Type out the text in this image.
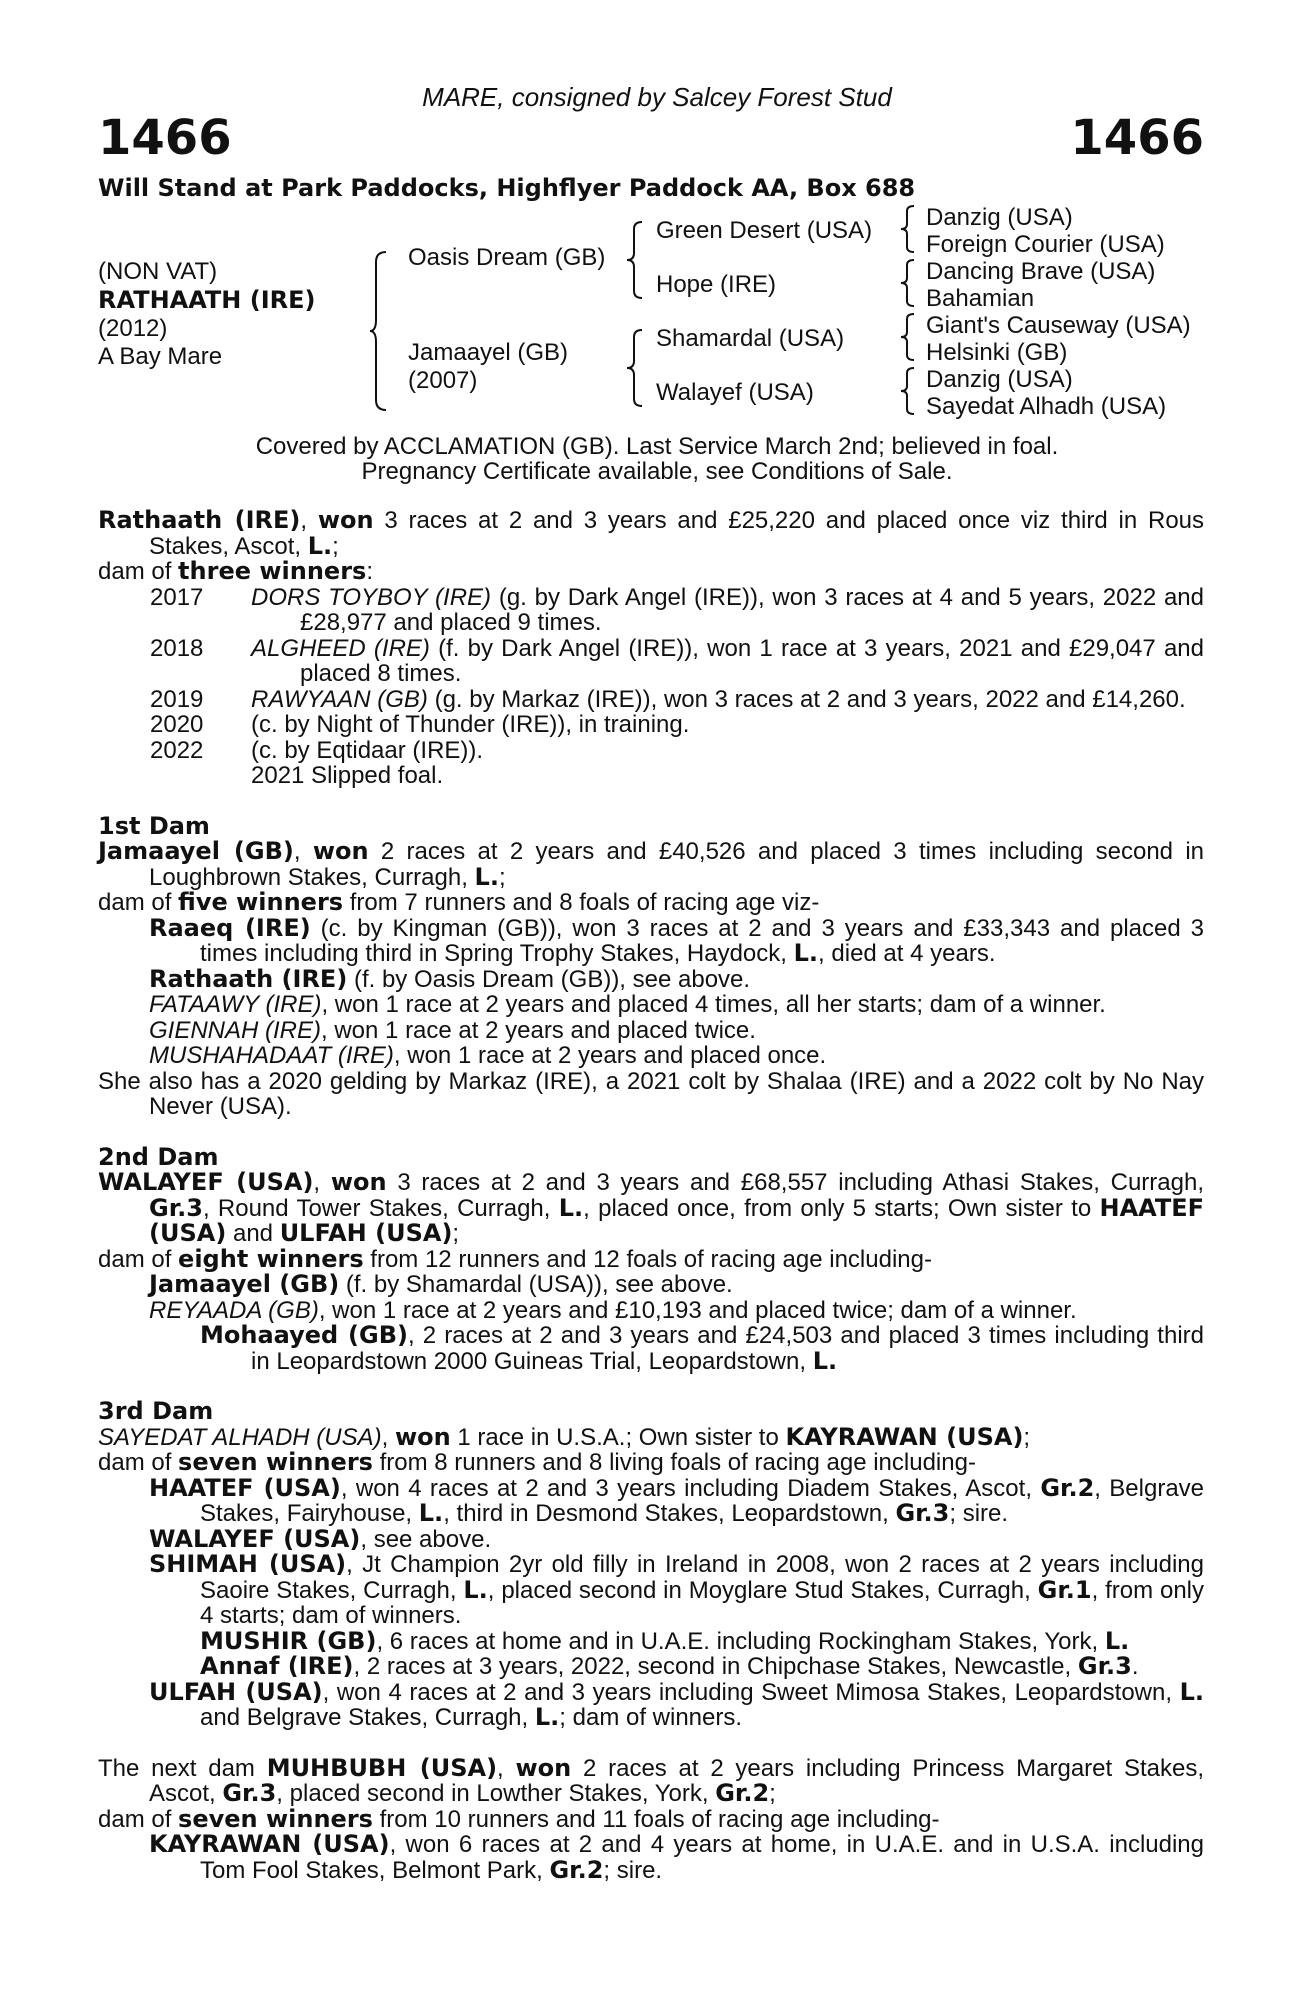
MARE, consigned by Salcey Forest Stud
1466	1466
Will Stand at Park Paddocks, Highflyer Paddock AA, Box 688
(NON VAT)
RATHAATH (IRE)
(2012)
A Bay Mare
Oasis Dream (GB)
Jamaayel (GB)
(2007)
Green Desert (USA)
Hope (IRE)
Shamardal (USA)
Walayef (USA)
Danzig (USA)
Foreign Courier (USA)
Dancing Brave (USA)
Bahamian
Giant's Causeway (USA)
Helsinki (GB)
Danzig (USA)
Sayedat Alhadh (USA)
Covered by ACCLAMATION (GB). Last Service March 2nd; believed in foal.
Pregnancy Certificate available, see Conditions of Sale.

Rathaath (IRE), won 3 races at 2 and 3 years and £25,220 and placed once viz third in Rous Stakes, Ascot, L.;

dam of three winners:

2017	DORS TOYBOY (IRE) (g. by Dark Angel (IRE)), won 3 races at 4 and 5 years, 2022 and £28,977 and placed 9 times.
2018	ALGHEED (IRE) (f. by Dark Angel (IRE)), won 1 race at 3 years, 2021 and £29,047 and placed 8 times.
2019	RAWYAAN (GB) (g. by Markaz (IRE)), won 3 races at 2 and 3 years, 2022 and £14,260.
2020	(c. by Night of Thunder (IRE)), in training.
2022	(c. by Eqtidaar (IRE)).
2021 Slipped foal.

1st Dam

Jamaayel (GB), won 2 races at 2 years and £40,526 and placed 3 times including second in Loughbrown Stakes, Curragh, L.;

dam of five winners from 7 runners and 8 foals of racing age viz-

Raaeq (IRE) (c. by Kingman (GB)), won 3 races at 2 and 3 years and £33,343 and placed 3 times including third in Spring Trophy Stakes, Haydock, L., died at 4 years.

Rathaath (IRE) (f. by Oasis Dream (GB)), see above.

FATAAWY (IRE), won 1 race at 2 years and placed 4 times, all her starts; dam of a winner.

GIENNAH (IRE), won 1 race at 2 years and placed twice.

MUSHAHADAAT (IRE), won 1 race at 2 years and placed once.

She also has a 2020 gelding by Markaz (IRE), a 2021 colt by Shalaa (IRE) and a 2022 colt by No Nay Never (USA).

2nd Dam

WALAYEF (USA), won 3 races at 2 and 3 years and £68,557 including Athasi Stakes, Curragh, Gr.3, Round Tower Stakes, Curragh, L., placed once, from only 5 starts; Own sister to HAATEF (USA) and ULFAH (USA);

dam of eight winners from 12 runners and 12 foals of racing age including-

Jamaayel (GB) (f. by Shamardal (USA)), see above.

REYAADA (GB), won 1 race at 2 years and £10,193 and placed twice; dam of a winner.

Mohaayed (GB), 2 races at 2 and 3 years and £24,503 and placed 3 times including third in Leopardstown 2000 Guineas Trial, Leopardstown, L.

3rd Dam

SAYEDAT ALHADH (USA), won 1 race in U.S.A.; Own sister to KAYRAWAN (USA);

dam of seven winners from 8 runners and 8 living foals of racing age including-

HAATEF (USA), won 4 races at 2 and 3 years including Diadem Stakes, Ascot, Gr.2, Belgrave Stakes, Fairyhouse, L., third in Desmond Stakes, Leopardstown, Gr.3; sire.

WALAYEF (USA), see above.

SHIMAH (USA), Jt Champion 2yr old filly in Ireland in 2008, won 2 races at 2 years including Saoire Stakes, Curragh, L., placed second in Moyglare Stud Stakes, Curragh, Gr.1, from only 4 starts; dam of winners.

MUSHIR (GB), 6 races at home and in U.A.E. including Rockingham Stakes, York, L.

Annaf (IRE), 2 races at 3 years, 2022, second in Chipchase Stakes, Newcastle, Gr.3.

ULFAH (USA), won 4 races at 2 and 3 years including Sweet Mimosa Stakes, Leopardstown, L. and Belgrave Stakes, Curragh, L.; dam of winners.

The next dam MUHBUBH (USA), won 2 races at 2 years including Princess Margaret Stakes, Ascot, Gr.3, placed second in Lowther Stakes, York, Gr.2;

dam of seven winners from 10 runners and 11 foals of racing age including-

KAYRAWAN (USA), won 6 races at 2 and 4 years at home, in U.A.E. and in U.S.A. including Tom Fool Stakes, Belmont Park, Gr.2; sire.
